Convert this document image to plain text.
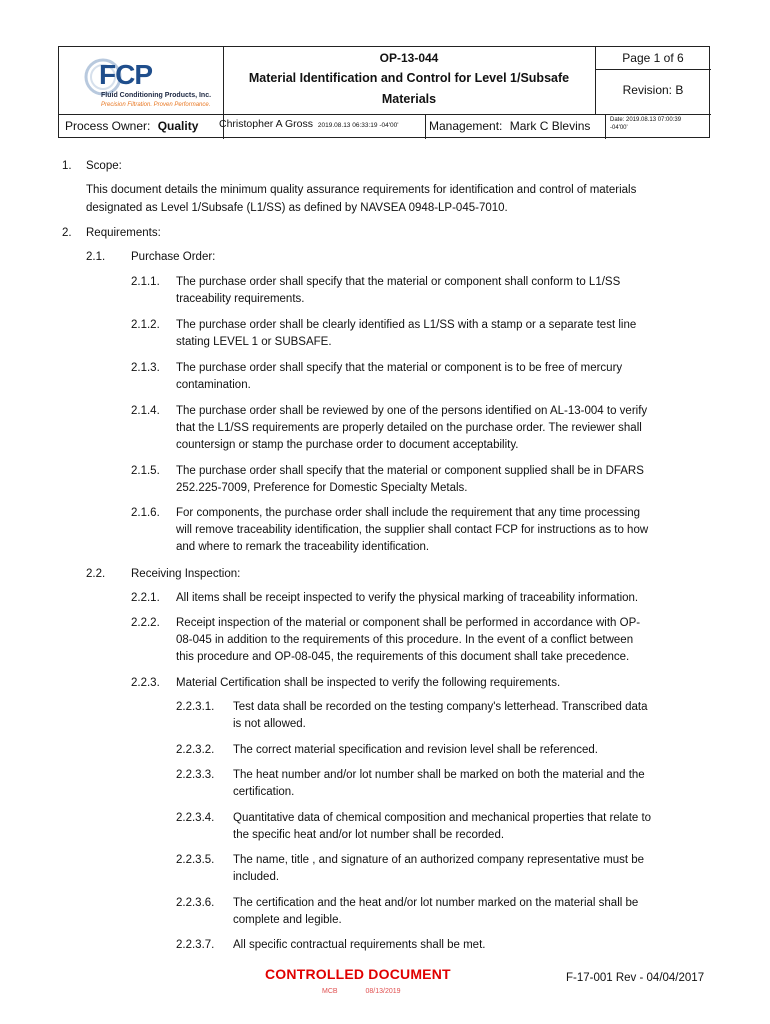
FCP
Fluid Conditioning Products, Inc.
Precision Filtration. Proven Performance.
OP-13-044
Material Identification and Control for Level 1/Subsafe
Materials
Page 1 of 6
Revision: B
Process Owner: Quality Christopher A Gross 2019.08.13 06:33:19 -04'00'	Management: Mark C Blevins	Date: 2019.08.13 07:00:39
-04'00'
1. Scope:
This document details the minimum quality assurance requirements for identification and control of materials
designated as Level 1/Subsafe (L1/SS) as defined by NAVSEA 0948-LP-045-7010.
2. Requirements:
2.1. Purchase Order:
2.1.1. The purchase order shall specify that the material or component shall conform to L1/SS
traceability requirements.
2.1.2. The purchase order shall be clearly identified as L1/SS with a stamp or a separate test line
stating LEVEL 1 or SUBSAFE.
2.1.3. The purchase order shall specify that the material or component is to be free of mercury
contamination.
2.1.4. The purchase order shall be reviewed by one of the persons identified on AL-13-004 to verify
that the L1/SS requirements are properly detailed on the purchase order. The reviewer shall
countersign or stamp the purchase order to document acceptability.
2.1.5. The purchase order shall specify that the material or component supplied shall be in DFARS
252.225-7009, Preference for Domestic Specialty Metals.
2.1.6. For components, the purchase order shall include the requirement that any time processing
will remove traceability identification, the supplier shall contact FCP for instructions as to how
and where to remark the traceability identification.
2.2. Receiving Inspection:
2.2.1. All items shall be receipt inspected to verify the physical marking of traceability information.
2.2.2. Receipt inspection of the material or component shall be performed in accordance with OP-
08-045 in addition to the requirements of this procedure. In the event of a conflict between
this procedure and OP-08-045, the requirements of this document shall take precedence.
2.2.3. Material Certification shall be inspected to verify the following requirements.
2.2.3.1. Test data shall be recorded on the testing company's letterhead. Transcribed data
is not allowed.
2.2.3.2. The correct material specification and revision level shall be referenced.
2.2.3.3. The heat number and/or lot number shall be marked on both the material and the
certification.
2.2.3.4. Quantitative data of chemical composition and mechanical properties that relate to
the specific heat and/or lot number shall be recorded.
2.2.3.5. The name, title , and signature of an authorized company representative must be
included.
2.2.3.6. The certification and the heat and/or lot number marked on the material shall be
complete and legible.
2.2.3.7. All specific contractual requirements shall be met.
CONTROLLED DOCUMENT
MCB	08/13/2019
F-17-001 Rev - 04/04/2017
